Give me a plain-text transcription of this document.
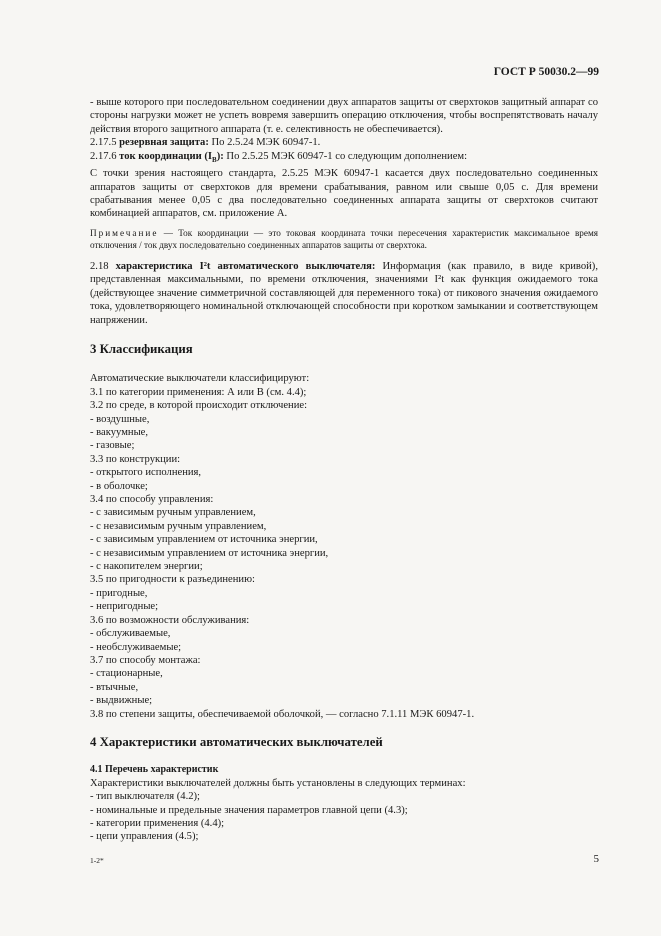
ГОСТ Р 50030.2—99

- выше которого при последовательном соединении двух аппаратов защиты от сверхтоков защитный аппарат со стороны нагрузки может не успеть вовремя завершить операцию отключения, чтобы воспрепятствовать началу действия второго защитного аппарата (т. е. селективность не обеспечивается).

2.17.5 резервная защита: По 2.5.24 МЭК 60947-1.

2.17.6 ток координации $(I_B)$: По 2.5.25 МЭК 60947-1 со следующим дополнением:

С точки зрения настоящего стандарта, 2.5.25 МЭК 60947-1 касается двух последовательно соединенных аппаратов защиты от сверхтоков для времени срабатывания, равном или свыше 0,05 с. Для времени срабатывания менее 0,05 с два последовательно соединенных аппарата защиты от сверхтоков считают комбинацией аппаратов, см. приложение А.

Примечание — Ток координации — это токовая координата точки пересечения характеристик максимальное время отключения / ток двух последовательно соединенных аппаратов защиты от сверхтока.

2.18 характеристика I²t автоматического выключателя: Информация (как правило, в виде кривой), представленная максимальными, по времени отключения, значениями I²t как функция ожидаемого тока (действующее значение симметричной составляющей для переменного тока) от пикового значения ожидаемого тока, удовлетворяющего номинальной отключающей способности при коротком замыкании и соответствующем напряжении.

3 Классификация
Автоматические выключатели классифицируют:
3.1 по категории применения: А или В (см. 4.4);
3.2 по среде, в которой происходит отключение:
- воздушные,
- вакуумные,
- газовые;
3.3 по конструкции:
- открытого исполнения,
- в оболочке;
3.4 по способу управления:
- с зависимым ручным управлением,
- с независимым ручным управлением,
- с зависимым управлением от источника энергии,
- с независимым управлением от источника энергии,
- с накопителем энергии;
3.5 по пригодности к разъединению:
- пригодные,
- непригодные;
3.6 по возможности обслуживания:
- обслуживаемые,
- необслуживаемые;
3.7 по способу монтажа:
- стационарные,
- втычные,
- выдвижные;
3.8 по степени защиты, обеспечиваемой оболочкой, — согласно 7.1.11 МЭК 60947-1.
4 Характеристики автоматических выключателей
4.1 Перечень характеристик
Характеристики выключателей должны быть установлены в следующих терминах:
- тип выключателя (4.2);
- номинальные и предельные значения параметров главной цепи (4.3);
- категории применения (4.4);
- цепи управления (4.5);
1-2*	5
